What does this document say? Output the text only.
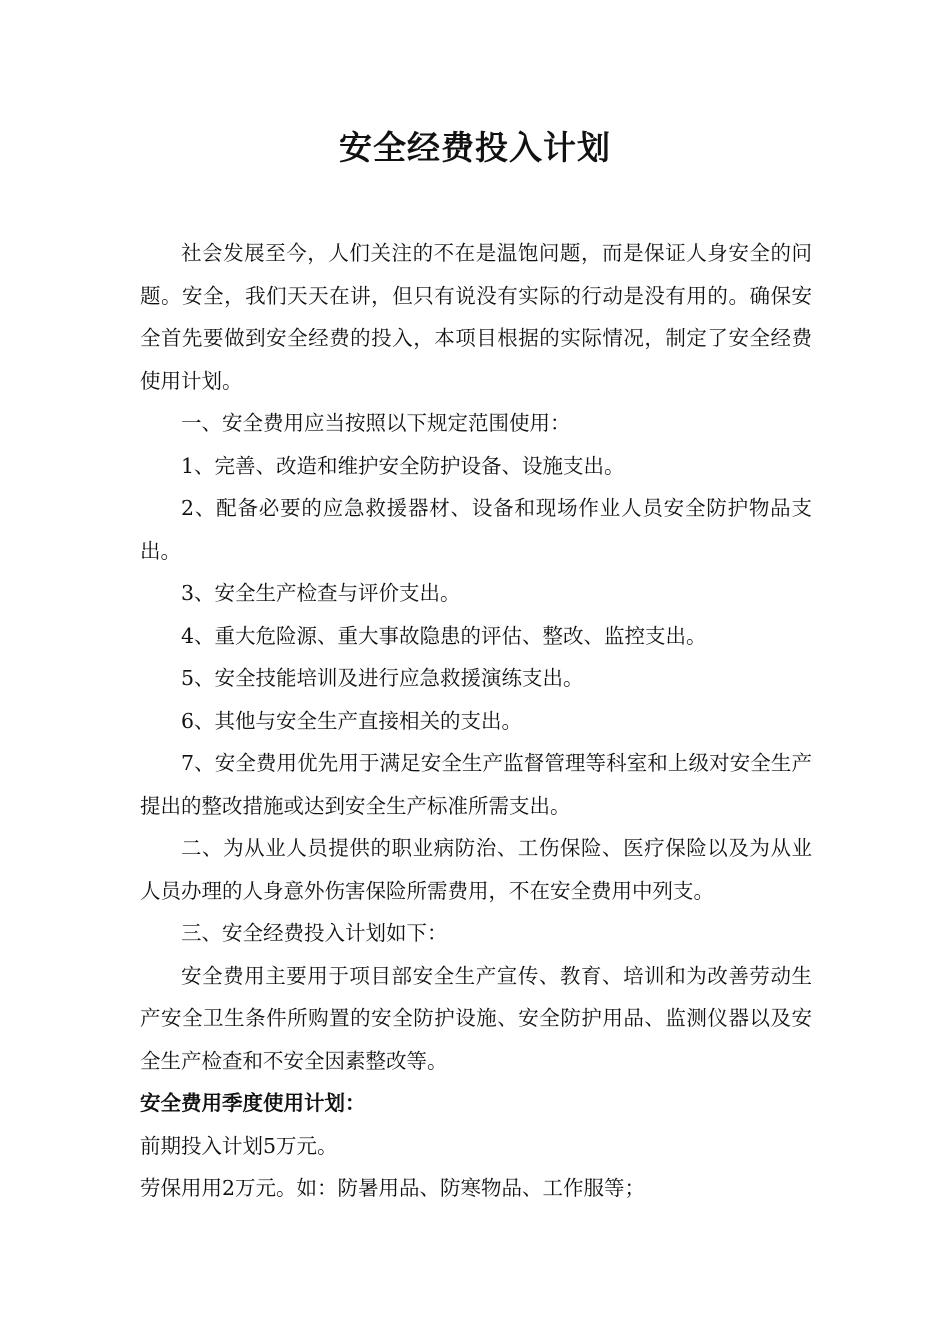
安全经费投入计划

社会发展至今，人们关注的不在是温饱问题，而是保证人身安全的问题。安全，我们天天在讲，但只有说没有实际的行动是没有用的。确保安全首先要做到安全经费的投入，本项目根据的实际情况，制定了安全经费使用计划。

一、安全费用应当按照以下规定范围使用：

1、完善、改造和维护安全防护设备、设施支出。

2、配备必要的应急救援器材、设备和现场作业人员安全防护物品支出。

3、安全生产检查与评价支出。

4、重大危险源、重大事故隐患的评估、整改、监控支出。

5、安全技能培训及进行应急救援演练支出。

6、其他与安全生产直接相关的支出。

7、安全费用优先用于满足安全生产监督管理等科室和上级对安全生产提出的整改措施或达到安全生产标准所需支出。

二、为从业人员提供的职业病防治、工伤保险、医疗保险以及为从业人员办理的人身意外伤害保险所需费用，不在安全费用中列支。

三、安全经费投入计划如下：

安全费用主要用于项目部安全生产宣传、教育、培训和为改善劳动生产安全卫生条件所购置的安全防护设施、安全防护用品、监测仪器以及安全生产检查和不安全因素整改等。

安全费用季度使用计划：

前期投入计划5万元。

劳保用用2万元。如：防暑用品、防寒物品、工作服等；
